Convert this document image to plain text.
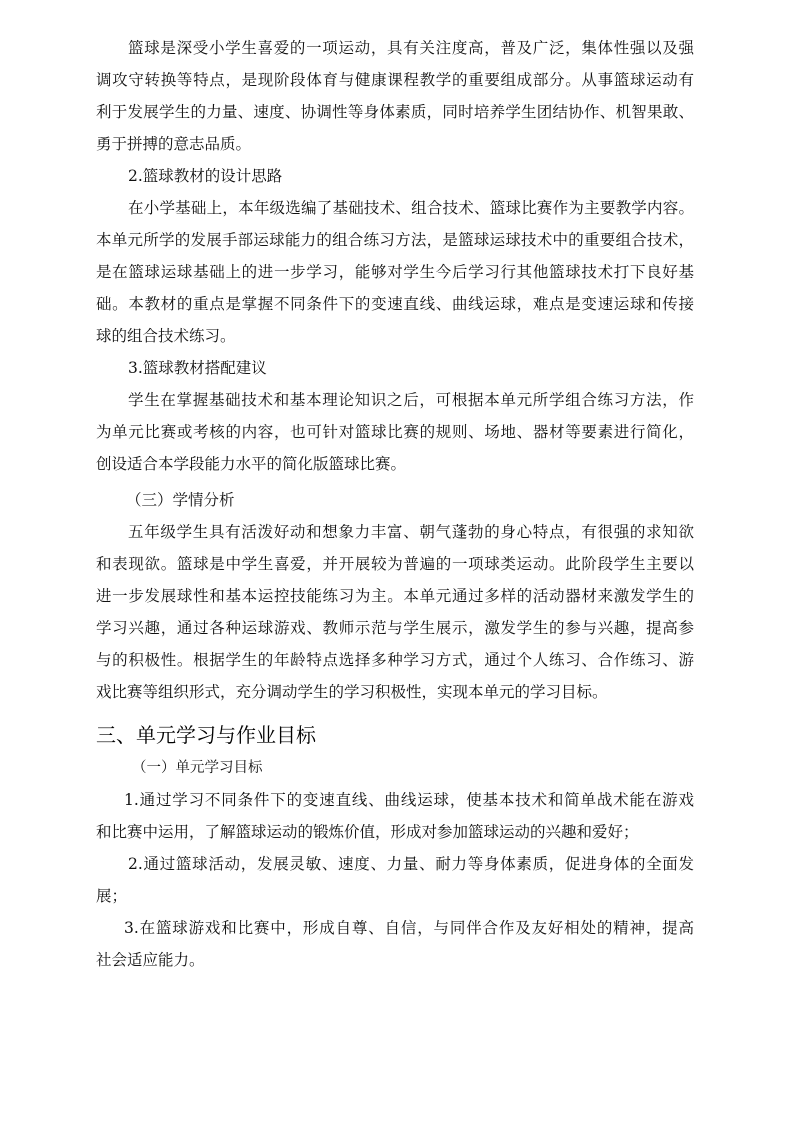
篮球是深受小学生喜爱的一项运动，具有关注度高，普及广泛，集体性强以及强
调攻守转换等特点，是现阶段体育与健康课程教学的重要组成部分。从事篮球运动有
利于发展学生的力量、速度、协调性等身体素质，同时培养学生团结协作、机智果敢、
勇于拼搏的意志品质。
2.篮球教材的设计思路
在小学基础上，本年级选编了基础技术、组合技术、篮球比赛作为主要教学内容。
本单元所学的发展手部运球能力的组合练习方法，是篮球运球技术中的重要组合技术，
是在篮球运球基础上的进一步学习，能够对学生今后学习行其他篮球技术打下良好基
础。本教材的重点是掌握不同条件下的变速直线、曲线运球，难点是变速运球和传接
球的组合技术练习。
3.篮球教材搭配建议
学生在掌握基础技术和基本理论知识之后，可根据本单元所学组合练习方法，作
为单元比赛或考核的内容，也可针对篮球比赛的规则、场地、器材等要素进行简化，
创设适合本学段能力水平的简化版篮球比赛。
（三）学情分析
五年级学生具有活泼好动和想象力丰富、朝气蓬勃的身心特点，有很强的求知欲
和表现欲。篮球是中学生喜爱，并开展较为普遍的一项球类运动。此阶段学生主要以
进一步发展球性和基本运控技能练习为主。本单元通过多样的活动器材来激发学生的
学习兴趣，通过各种运球游戏、教师示范与学生展示，激发学生的参与兴趣，提高参
与的积极性。根据学生的年龄特点选择多种学习方式，通过个人练习、合作练习、游
戏比赛等组织形式，充分调动学生的学习积极性，实现本单元的学习目标。
三、单元学习与作业目标
（一）单元学习目标
1.通过学习不同条件下的变速直线、曲线运球，使基本技术和简单战术能在游戏
和比赛中运用，了解篮球运动的锻炼价值，形成对参加篮球运动的兴趣和爱好；
2.通过篮球活动，发展灵敏、速度、力量、耐力等身体素质，促进身体的全面发
展；
3.在篮球游戏和比赛中，形成自尊、自信，与同伴合作及友好相处的精神，提高
社会适应能力。
